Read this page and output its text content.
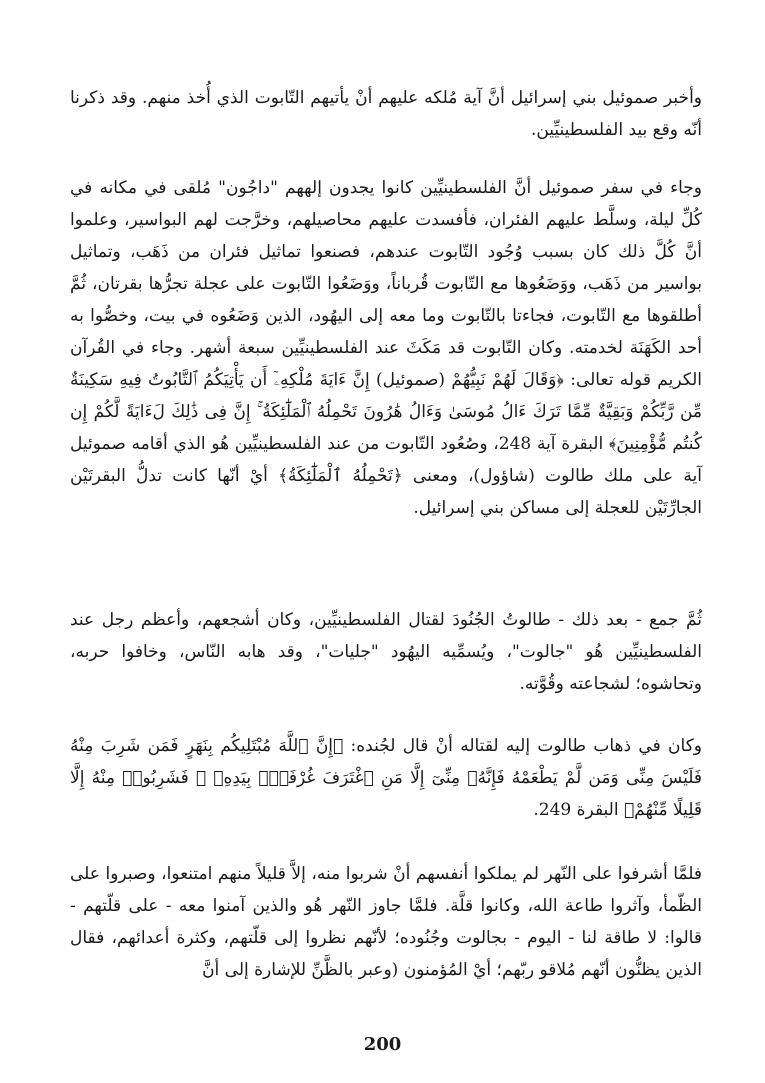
وأخبر صموئيل بني إسرائيل أنَّ آية مُلكه عليهم أنْ يأتيهم التّابوت الذي أُخذ منهم. وقد ذكرنا أنّه وقع بيد الفلسطينيِّين.

وجاء في سفر صموئيل أنَّ الفلسطينيِّين كانوا يجدون إلههم "داجُون" مُلقى في مكانه في كُلِّ ليلة، وسلَّط عليهم الفئران، فأفسدت عليهم محاصيلهم، وخرَّجت لهم البواسير، وعلموا أنَّ كُلَّ ذلك كان بسبب وُجُود التّابوت عندهم، فصنعوا تماثيل فئران من ذَهَب، وتماثيل بواسير من ذَهَب، ووَضَعُوها مع التّابوت قُرباناً، ووَضَعُوا التّابوت على عجلة تجرُّها بقرتان، ثُمَّ أطلقوها مع التّابوت، فجاءتا بالتّابوت وما معه إلى اليهُود، الذين وَضَعُوه في بيت، وخصُّوا به أحد الكَهَنَة لخدمته. وكان التّابوت قد مَكَثَ عند الفلسطينيِّين سبعة أشهر. وجاء في القُرآن الكريم قوله تعالى: ﴿وَقَالَ لَهُمْ نَبِيُّهُمْ (صموئيل) إِنَّ ءَايَةَ مُلْكِهِۦٓ أَن يَأْتِيَكُمُ ٱلتَّابُوتُ فِيهِ سَكِينَةٌ مِّن رَّبِّكُمْ وَبَقِيَّةٌ مِّمَّا تَرَكَ ءَالُ مُوسَىٰ وَءَالُ هَٰرُونَ تَحْمِلُهُ ٱلْمَلَٰٓئِكَةُ ۚ إِنَّ فِى ذَٰلِكَ لَءَايَةً لَّكُمْ إِن كُنتُم مُّؤْمِنِينَ﴾ البقرة آية 248، وصُعُود التّابوت من عند الفلسطينيِّين هُو الذي أقامه صموئيل آية على ملك طالوت (شاؤول)، ومعنى ﴿تَحْمِلُهُ ٱلْمَلَٰٓئِكَةُ﴾ أيْ أنّها كانت تدلُّ البقرتَيْن الجارِّتَيْن للعجلة إلى مساكن بني إسرائيل.

ثُمَّ جمع - بعد ذلك - طالوتُ الجُنُودَ لقتال الفلسطينيِّين، وكان أشجعهم، وأعظم رجل عند الفلسطينيِّين هُو "جالوت"، ويُسمِّيه اليهُود "جليات"، وقد هابه النّاس، وخافوا حربه، وتحاشوه؛ لشجاعته وقُوَّته.

وكان في ذهاب طالوت إليه لقتاله أنْ قال لجُنده: ﴿إِنَّ ٱللَّهَ مُبْتَلِيكُم بِنَهَرٍ فَمَن شَرِبَ مِنْهُ فَلَيْسَ مِنِّى وَمَن لَّمْ يَطْعَمْهُ فَإِنَّهُۥ مِنِّىٓ إِلَّا مَنِ ٱغْتَرَفَ غُرْفَةًۢ بِيَدِهِۦ ۚ فَشَرِبُوا۟ مِنْهُ إِلَّا قَلِيلًا مِّنْهُمْ﴾ البقرة 249.

فلمَّا أشرفوا على النّهر لم يملكوا أنفسهم أنْ شربوا منه، إلاَّ قليلاً منهم امتنعوا، وصبروا على الظّمأ، وآثروا طاعة الله، وكانوا قلَّة. فلمَّا جاوز النّهر هُو والذين آمنوا معه - على قلّتهم - قالوا: لا طاقة لنا - اليوم - بجالوت وجُنُوده؛ لأنّهم نظروا إلى قلّتهم، وكثرة أعدائهم، فقال الذين يظنُّون أنّهم مُلاقو ربّهم؛ أيْ المُؤمنون (وعبر بالظَّنِّ للإشارة إلى أنَّ

200
